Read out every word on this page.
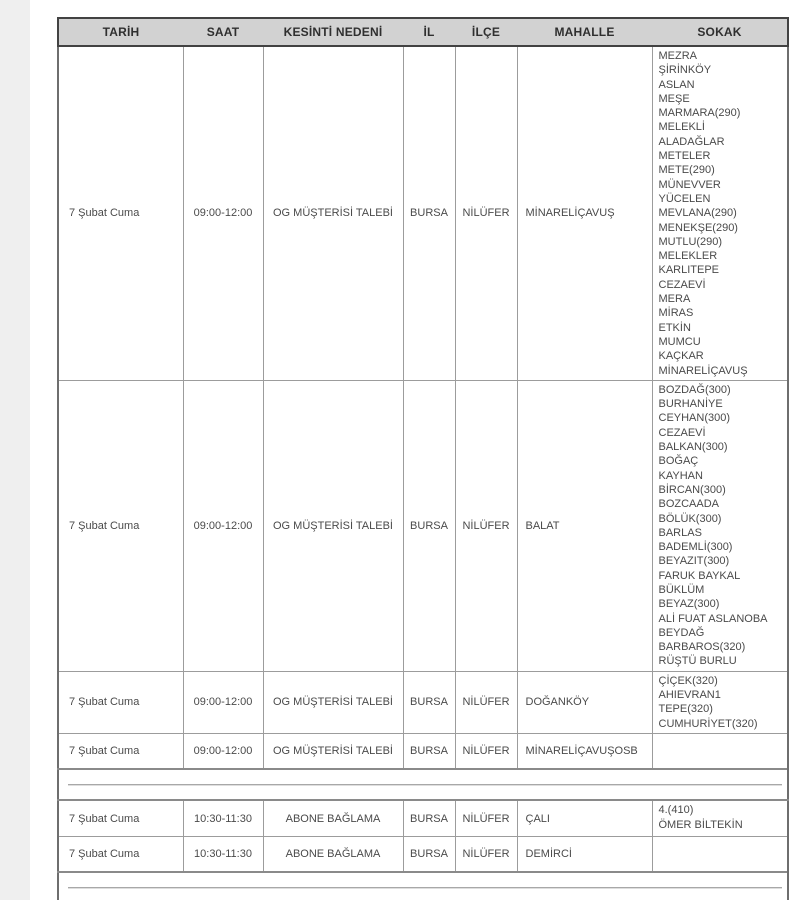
TARİH	SAAT	KESİNTİ NEDENİ	İL	İLÇE	MAHALLE	SOKAK
7 Şubat Cuma	09:00-12:00	OG MÜŞTERİSİ TALEBİ	BURSA	NİLÜFER	MİNARELİÇAVUŞ	
MEZRA
ŞİRİNKÖY
ASLAN
MEŞE
MARMARA(290)
MELEKLİ
ALADAĞLAR
METELER
METE(290)
MÜNEVVER
YÜCELEN
MEVLANA(290)
MENEKŞE(290)
MUTLU(290)
MELEKLER
KARLITEPE
CEZAEVİ
MERA
MİRAS
ETKİN
MUMCU
KAÇKAR
MİNARELİÇAVUŞ

7 Şubat Cuma	09:00-12:00	OG MÜŞTERİSİ TALEBİ	BURSA	NİLÜFER	BALAT	
BOZDAĞ(300)
BURHANİYE
CEYHAN(300)
CEZAEVİ
BALKAN(300)
BOĞAÇ
KAYHAN
BİRCAN(300)
BOZCAADA
BÖLÜK(300)
BARLAS
BADEMLİ(300)
BEYAZIT(300)
FARUK BAYKAL
BÜKLÜM
BEYAZ(300)
ALİ FUAT ASLANOBA
BEYDAĞ
BARBAROS(320)
RÜŞTÜ BURLU

7 Şubat Cuma	09:00-12:00	OG MÜŞTERİSİ TALEBİ	BURSA	NİLÜFER	DOĞANKÖY	ÇİÇEK(320)
AHIEVRAN1
TEPE(320)
CUMHURİYET(320)

7 Şubat Cuma	09:00-12:00	OG MÜŞTERİSİ TALEBİ	BURSA	NİLÜFER	MİNARELİÇAVUŞOSB	

7 Şubat Cuma	10:30-11:30	ABONE BAĞLAMA	BURSA	NİLÜFER	ÇALI	4.(410)
ÖMER BİLTEKİN

7 Şubat Cuma	10:30-11:30	ABONE BAĞLAMA	BURSA	NİLÜFER	DEMİRCİ	
